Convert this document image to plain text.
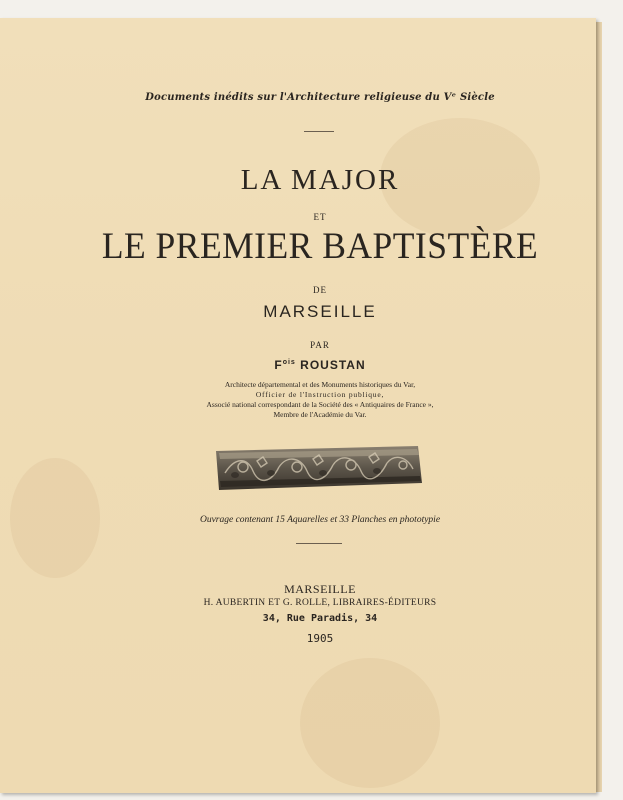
Documents inédits sur l'Architecture religieuse du Vᵉ Siècle
LA MAJOR
ET
LE PREMIER BAPTISTÈRE
DE
MARSEILLE
PAR
$F^{ois}$ ROUSTAN
Architecte départemental et des Monuments historiques du Var,
Officier de l'Instruction publique,
Associé national correspondant de la Société des « Antiquaires de France »,
Membre de l'Académie du Var.
Ouvrage contenant 15 Aquarelles et 33 Planches en phototypie
MARSEILLE
H. AUBERTIN ET G. ROLLE, LIBRAIRES-ÉDITEURS
34, Rue Paradis, 34
1905
